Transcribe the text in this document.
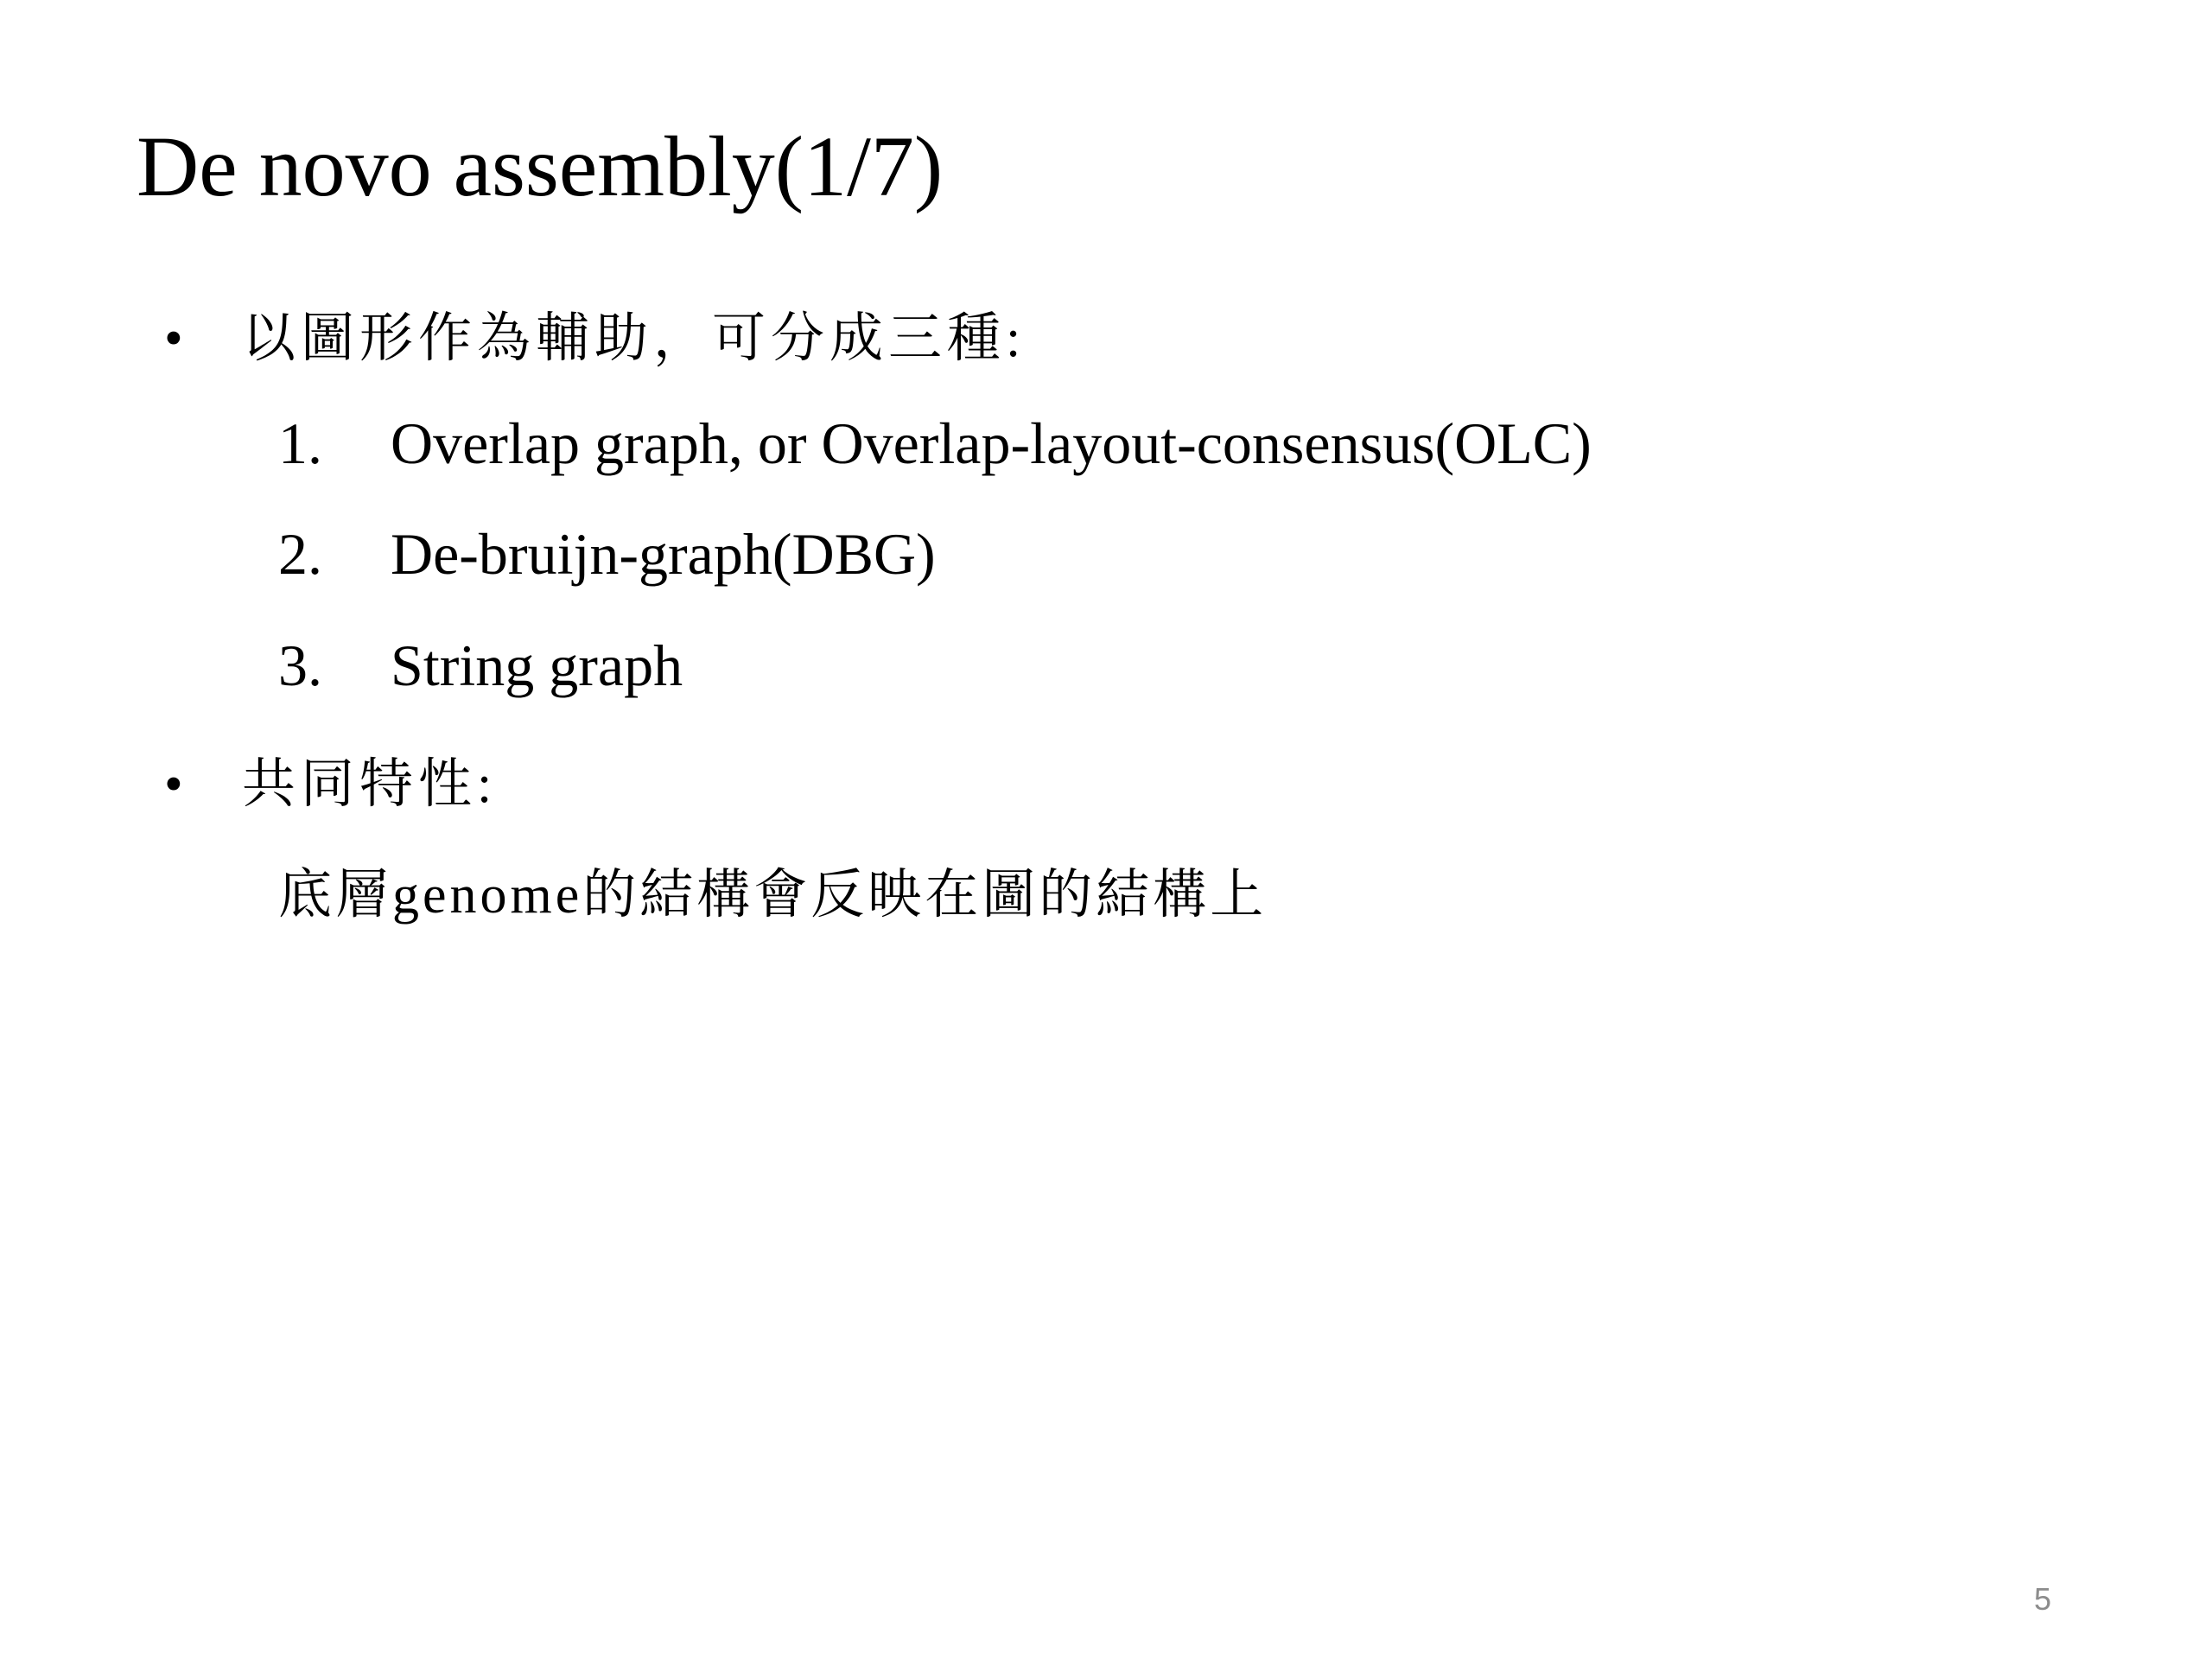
De novo assembly(1/7)
• 以圖形作為輔助，可分成三種:
1. Overlap graph, or Overlap-layout-consensus(OLC)
2. De-bruijn-graph(DBG)
3. String graph
• 共同特性:
底層genome的結構會反映在圖的結構上
5
